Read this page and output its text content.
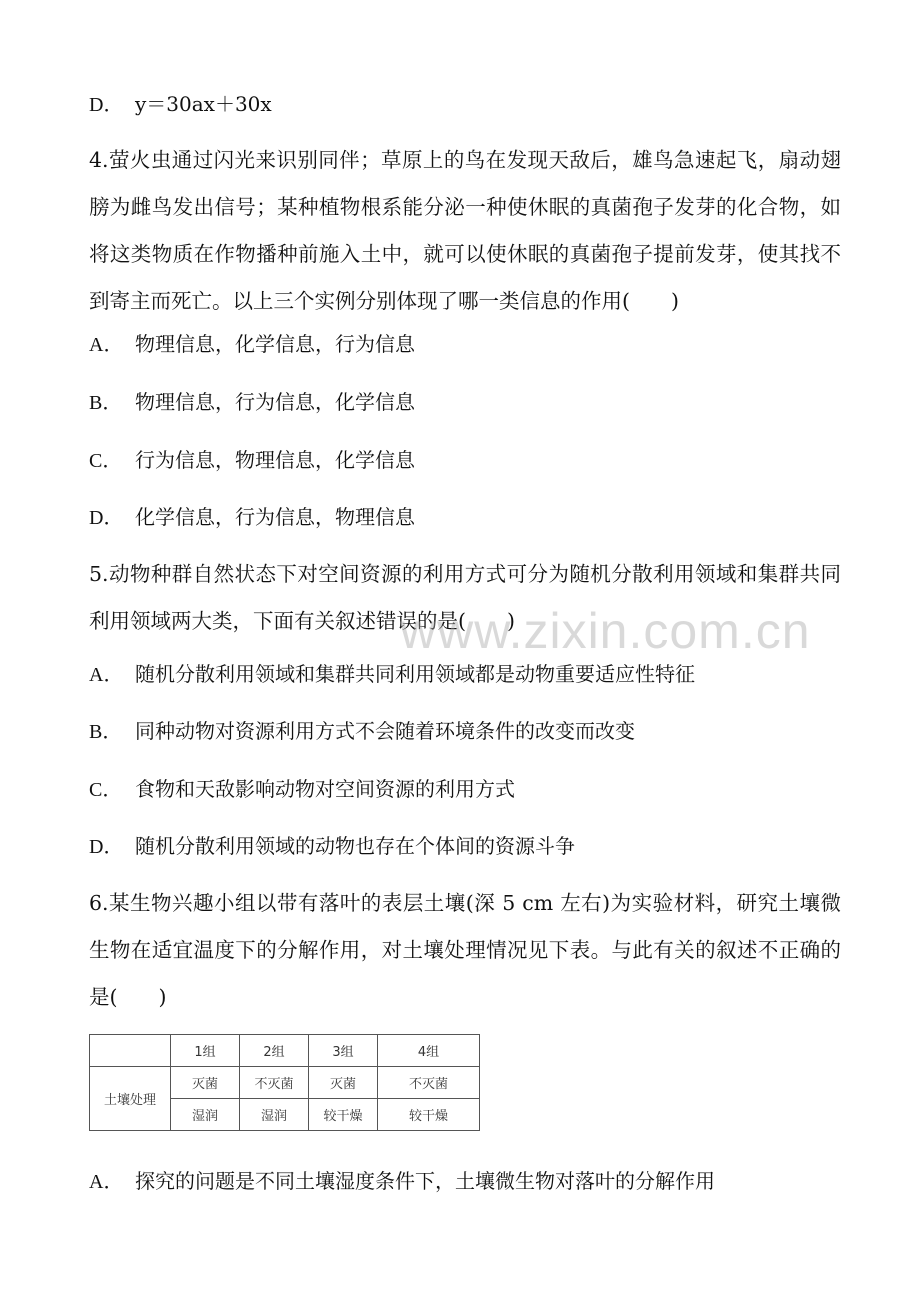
D． y＝30ax＋30x
4.萤火虫通过闪光来识别同伴；草原上的鸟在发现天敌后，雄鸟急速起飞，扇动翅膀为雌鸟发出信号；某种植物根系能分泌一种使休眠的真菌孢子发芽的化合物，如将这类物质在作物播种前施入土中，就可以使休眠的真菌孢子提前发芽，使其找不到寄主而死亡。以上三个实例分别体现了哪一类信息的作用(　　)
A． 物理信息，化学信息，行为信息
B． 物理信息，行为信息，化学信息
C． 行为信息，物理信息，化学信息
D． 化学信息，行为信息，物理信息
5.动物种群自然状态下对空间资源的利用方式可分为随机分散利用领域和集群共同利用领域两大类，下面有关叙述错误的是(　　)
www.zixin.com.cn
A． 随机分散利用领域和集群共同利用领域都是动物重要适应性特征
B． 同种动物对资源利用方式不会随着环境条件的改变而改变
C． 食物和天敌影响动物对空间资源的利用方式
D． 随机分散利用领域的动物也存在个体间的资源斗争
6.某生物兴趣小组以带有落叶的表层土壤(深 5 cm 左右)为实验材料，研究土壤微生物在适宜温度下的分解作用，对土壤处理情况见下表。与此有关的叙述不正确的是(　　)
	1组	2组	3组	4组
土壤处理	灭菌	不灭菌	灭菌	不灭菌
	湿润	湿润	较干燥	较干燥
A． 探究的问题是不同土壤湿度条件下，土壤微生物对落叶的分解作用
